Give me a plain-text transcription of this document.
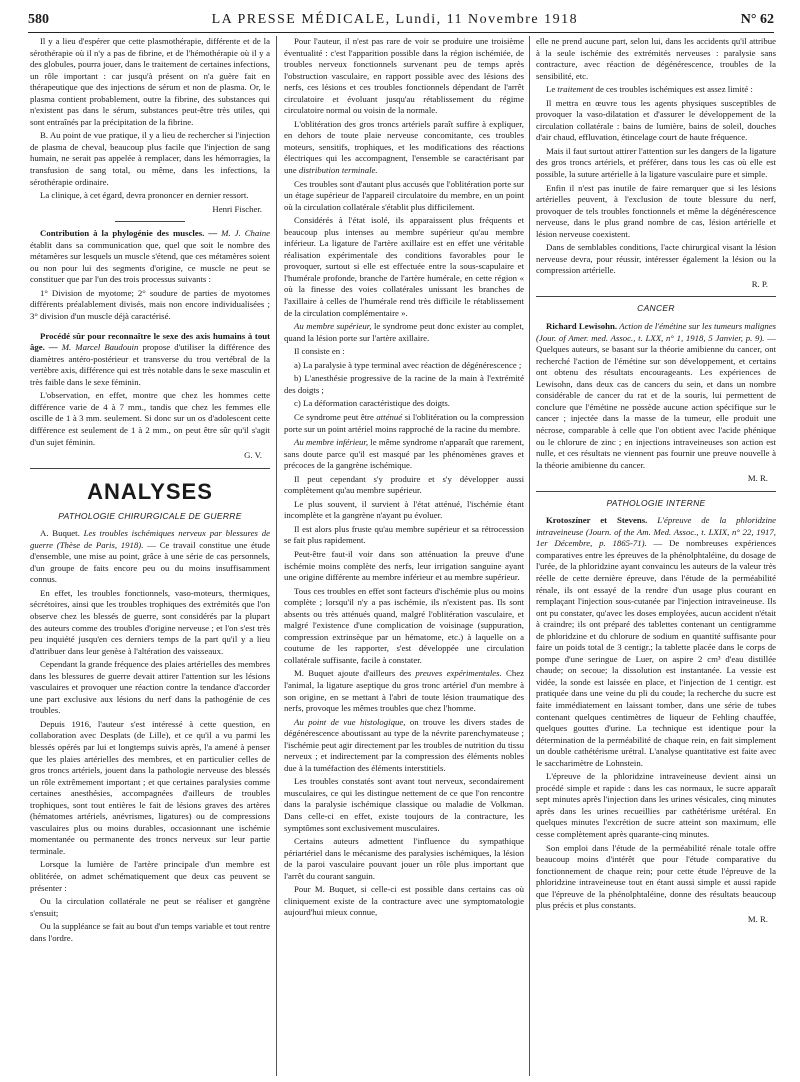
580	LA PRESSE MÉDICALE, Lundi, 11 Novembre 1918	N° 62

Il y a lieu d'espérer que cette plasmothérapie, différente et de la sérothérapie où il n'y a pas de fibrine, et de l'hémothérapie où il y a des globules, pourra jouer, dans le traitement de certaines infections, un rôle important : car jusqu'à présent on n'a guère fait en thérapeutique que des injections de sérum et non de plasma. Or, le plasma contient probablement, outre la fibrine, des substances qui n'existent pas dans le sérum, substances peut-être très utiles, qui sont entraînés par la précipitation de la fibrine.

B. Au point de vue pratique, il y a lieu de rechercher si l'injection de plasma de cheval, beaucoup plus facile que l'injection de sang humain, ne serait pas appelée à remplacer, dans les hémorragies, la transfusion de sang total, ou même, dans les infections, la sérothérapie ordinaire.

La clinique, à cet égard, devra prononcer en dernier ressort.

Henri Fischer.

Contribution à la phylogénie des muscles. — M. J. Chaine établit dans sa communication que, quel que soit le nombre des métamères sur lesquels un muscle s'étend, que ces métamères soient ou non pour lui des segments d'origine, ce muscle ne peut se constituer que par l'un des trois processus suivants :

1° Division de myotome; 2° soudure de parties de myotomes différents préalablement divisés, mais non encore individualisées ; 3° division d'un muscle déjà caractérisé.

Procédé sûr pour reconnaître le sexe des axis humains à tout âge. — M. Marcel Baudouin propose d'utiliser la différence des diamètres antéro-postérieur et transverse du trou vertébral de la vertèbre axis, différence qui est très notable dans le sexe masculin et très faible dans le sexe féminin.

L'observation, en effet, montre que chez les hommes cette différence varie de 4 à 7 mm., tandis que chez les femmes elle oscille de 1 à 3 mm. seulement. Si donc sur un os d'adolescent cette différence est seulement de 1 à 2 mm., on peut être sûr qu'il s'agit d'un sujet féminin.

G. V.
ANALYSES
PATHOLOGIE CHIRURGICALE DE GUERRE

A. Buquet. Les troubles ischémiques nerveux par blessures de guerre (Thèse de Paris, 1918). — Ce travail constitue une étude d'ensemble, une mise au point, grâce à une série de cas personnels, d'un groupe de faits encore peu ou du moins insuffisamment connus.

En effet, les troubles fonctionnels, vaso-moteurs, thermiques, sécrétoires, ainsi que les troubles trophiques des extrémités que l'on observe chez les blessés de guerre, sont considérés par la plupart des auteurs comme des troubles d'origine nerveuse ; et l'on s'est très peu inquiété jusqu'en ces derniers temps de la part qu'il y a lieu d'attribuer dans leur genèse à l'altération des vaisseaux.

Cependant la grande fréquence des plaies artérielles des membres dans les blessures de guerre devait attirer l'attention sur les lésions vasculaires et provoquer une réaction contre la tendance d'accorder une part exclusive aux lésions du nerf dans la pathogénie de ces troubles.

Depuis 1916, l'auteur s'est intéressé à cette question, en collaboration avec Desplats (de Lille), et ce qu'il a vu parmi les blessés opérés par lui et longtemps suivis après, l'a amené à penser que les plaies artérielles des membres, et en particulier celles de gros troncs artériels, jouent dans la pathologie nerveuse des blessés un rôle extrêmement important ; et que certaines paralysies comme certaines anesthésies, accompagnées d'ailleurs de troubles trophiques, sont tout entières le fait de lésions graves des artères (hématomes artériels, anévrismes, ligatures) ou de compressions vasculaires plus ou moins durables, occasionnant une ischémie momentanée ou permanente des troncs nerveux sur leur partie terminale.

Lorsque la lumière de l'artère principale d'un membre est oblitérée, on admet schématiquement que deux cas peuvent se présenter :

Ou la circulation collatérale ne peut se réaliser et gangrène s'ensuit;

Ou la suppléance se fait au bout d'un temps variable et tout rentre dans l'ordre.

Pour l'auteur, il n'est pas rare de voir se produire une troisième éventualité : c'est l'apparition possible dans la région ischémiée, de troubles nerveux fonctionnels survenant peu de temps après l'obstruction vasculaire, en rapport possible avec des lésions des nerfs, ces lésions et ces troubles fonctionnels dépendant de l'arrêt circulatoire et évoluant jusqu'au rétablissement du régime circulatoire normal ou voisin de la normale.

L'oblitération des gros troncs artériels paraît suffire à expliquer, en dehors de toute plaie nerveuse concomitante, ces troubles moteurs, sensitifs, trophiques, et les modifications des réactions électriques qui les accompagnent, l'ensemble se caractérisant par une distribution terminale.

Ces troubles sont d'autant plus accusés que l'oblitération porte sur un étage supérieur de l'appareil circulatoire du membre, en un point où la circulation collatérale s'établit plus difficilement.

Considérés à l'état isolé, ils apparaissent plus fréquents et beaucoup plus intenses au membre supérieur qu'au membre inférieur. La ligature de l'artère axillaire est en effet une véritable réalisation expérimentale des conditions favorables pour le provoquer, surtout si elle est effectuée entre la sous-scapulaire et l'humérale profonde, branche de l'artère humérale, en cette région « où la finesse des voies collatérales unissant les branches de l'axillaire à celles de l'humérale rend très difficile le rétablissement de la circulation complémentaire ».

Au membre supérieur, le syndrome peut donc exister au complet, quand la lésion porte sur l'artère axillaire.

Il consiste en :

a) La paralysie à type terminal avec réaction de dégénérescence ;

b) L'anesthésie progressive de la racine de la main à l'extrémité des doigts ;

c) La déformation caractéristique des doigts.

Ce syndrome peut être atténué si l'oblitération ou la compression porte sur un point artériel moins rapproché de la racine du membre.

Au membre inférieur, le même syndrome n'apparaît que rarement, sans doute parce qu'il est masqué par les phénomènes graves et précoces de la gangrène ischémique.

Il peut cependant s'y produire et s'y développer aussi complètement qu'au membre supérieur.

Le plus souvent, il survient à l'état atténué, l'ischémie étant incomplète et la gangrène n'ayant pu évoluer.

Il est alors plus fruste qu'au membre supérieur et sa rétrocession se fait plus rapidement.

Peut-être faut-il voir dans son atténuation la preuve d'une ischémie moins complète des nerfs, leur irrigation sanguine ayant une origine différente au membre inférieur et au membre supérieur.

Tous ces troubles en effet sont facteurs d'ischémie plus ou moins complète ; lorsqu'il n'y a pas ischémie, ils n'existent pas. Ils sont absents ou très atténués quand, malgré l'oblitération vasculaire, et malgré l'existence d'une complication de voisinage (suppuration, compression extrinsèque par un hématome, etc.) à laquelle on a coutume de les rapporter, s'est développée une circulation collatérale suffisante, facile à constater.

M. Buquet ajoute d'ailleurs des preuves expérimentales. Chez l'animal, la ligature aseptique du gros tronc artériel d'un membre à son origine, en se mettant à l'abri de toute lésion traumatique des nerfs, provoque les mêmes troubles que chez l'homme.

Au point de vue histologique, on trouve les divers stades de dégénérescence aboutissant au type de la névrite parenchymateuse ; l'ischémie peut agir directement par les troubles de nutrition du tissu nerveux ; et indirectement par la compression des éléments nobles due à la tuméfaction des éléments interstitiels.

Les troubles constatés sont avant tout nerveux, secondairement musculaires, ce qui les distingue nettement de ce que l'on rencontre dans la paralysie ischémique classique ou maladie de Volkman. Dans celle-ci en effet, existe toujours de la contracture, les symptômes sont exclusivement musculaires.

Certains auteurs admettent l'influence du sympathique périartériel dans le mécanisme des paralysies ischémiques, la lésion de la paroi vasculaire pouvant jouer un rôle plus important que l'arrêt du courant sanguin.

Pour M. Buquet, si celle-ci est possible dans certains cas où cliniquement existe de la contracture avec une symptomatologie aujourd'hui mieux connue,

elle ne prend aucune part, selon lui, dans les accidents qu'il attribue à la seule ischémie des extrémités nerveuses : paralysie sans contracture, avec réaction de dégénérescence, troubles de la sensibilité, etc.

Le traitement de ces troubles ischémiques est assez limité :

Il mettra en œuvre tous les agents physiques susceptibles de provoquer la vaso-dilatation et d'assurer le développement de la circulation collatérale : bains de lumière, bains de soleil, douches d'air chaud, effluvation, étincelage court de haute fréquence.

Mais il faut surtout attirer l'attention sur les dangers de la ligature des gros troncs artériels, et préférer, dans tous les cas où elle est possible, la suture artérielle à la ligature vasculaire pure et simple.

Enfin il n'est pas inutile de faire remarquer que si les lésions artérielles peuvent, à l'exclusion de toute blessure du nerf, provoquer de tels troubles fonctionnels et même la dégénérescence nerveuse, dans le plus grand nombre de cas, lésion artérielle et lésion nerveuse coexistent.

Dans de semblables conditions, l'acte chirurgical visant la lésion nerveuse devra, pour réussir, intéresser également la lésion ou la compression artérielle.

R. P.
CANCER

Richard Lewisohn. Action de l'émétine sur les tumeurs malignes (Jour. of Amer. med. Assoc., t. LXX, n° 1, 1918, 5 Janvier, p. 9). — Quelques auteurs, se basant sur la théorie amibienne du cancer, ont recherché l'action de l'émétine sur son développement, et certains ont obtenu des résultats encourageants. Les expériences de Lewisohn, dans deux cas de cancers du sein, et dans un nombre considérable de cancer du rat et de la souris, lui permettent de conclure que l'émétine ne possède aucune action spécifique sur le cancer ; injectée dans la masse de la tumeur, elle produit une nécrose, comparable à celle que l'on obtient avec l'acide phénique ou le chlorure de zinc ; en injections intraveineuses son action est nulle, et ces résultats ne viennent pas fournir une preuve nouvelle à la théorie amibienne du cancer.

M. R.
PATHOLOGIE INTERNE

Krotoszíner et Stevens. L'épreuve de la phloridzine intraveineuse (Journ. of the Am. Med. Assoc., t. LXIX, n° 22, 1917, 1er Décembre, p. 1865-71). — De nombreuses expériences comparatives entre les épreuves de la phénolphtaléine, du dosage de l'urée, de la phloridzine ayant convaincu les auteurs de la valeur très réelle de cette dernière épreuve, dans l'étude de la perméabilité rénale, ils ont essayé de la rendre d'un usage plus courant en remplaçant l'injection sous-cutanée par l'injection intraveineuse. Ils ont pu constater, qu'avec les doses employées, aucun accident n'était à craindre; ils ont préparé des tablettes contenant un centigramme de phloridzine et du chlorure de sodium en quantité suffisante pour faire un poids total de 3 centigr.; la tablette placée dans le corps de pompe d'une seringue de Luer, on aspire 2 cm³ d'eau distillée chaude; on secoue; la dissolution est instantanée. La vessie est vidée, la sonde est laissée en place, et l'injection de 1 centigr. est pratiquée dans une veine du pli du coude; la recherche du sucre est faite immédiatement en laissant tomber, dans une série de tubes contenant quelques centimètres de liqueur de Fehling chauffée, quelques gouttes d'urine. La technique est identique pour la détermination de la perméabilité de chaque rein, en fait simplement un double cathétérisme urétral. L'analyse quantitative est faite avec le saccharimètre de Lohnstein.

L'épreuve de la phloridzine intraveineuse devient ainsi un procédé simple et rapide : dans les cas normaux, le sucre apparaît sept minutes après l'injection dans les urines vésicales, cinq minutes après dans les urines recueillies par cathétérisme urétéral. En quelques minutes l'excrétion de sucre atteint son maximum, elle cesse complètement après quarante-cinq minutes.

Son emploi dans l'étude de la perméabilité rénale totale offre beaucoup moins d'intérêt que pour l'étude comparative du fonctionnement de chaque rein; pour cette étude l'épreuve de la phloridzine intraveineuse tout en étant aussi simple et aussi rapide que l'épreuve de la phénolphtaléine, donne des résultats beaucoup plus précis et plus constants.

M. R.
